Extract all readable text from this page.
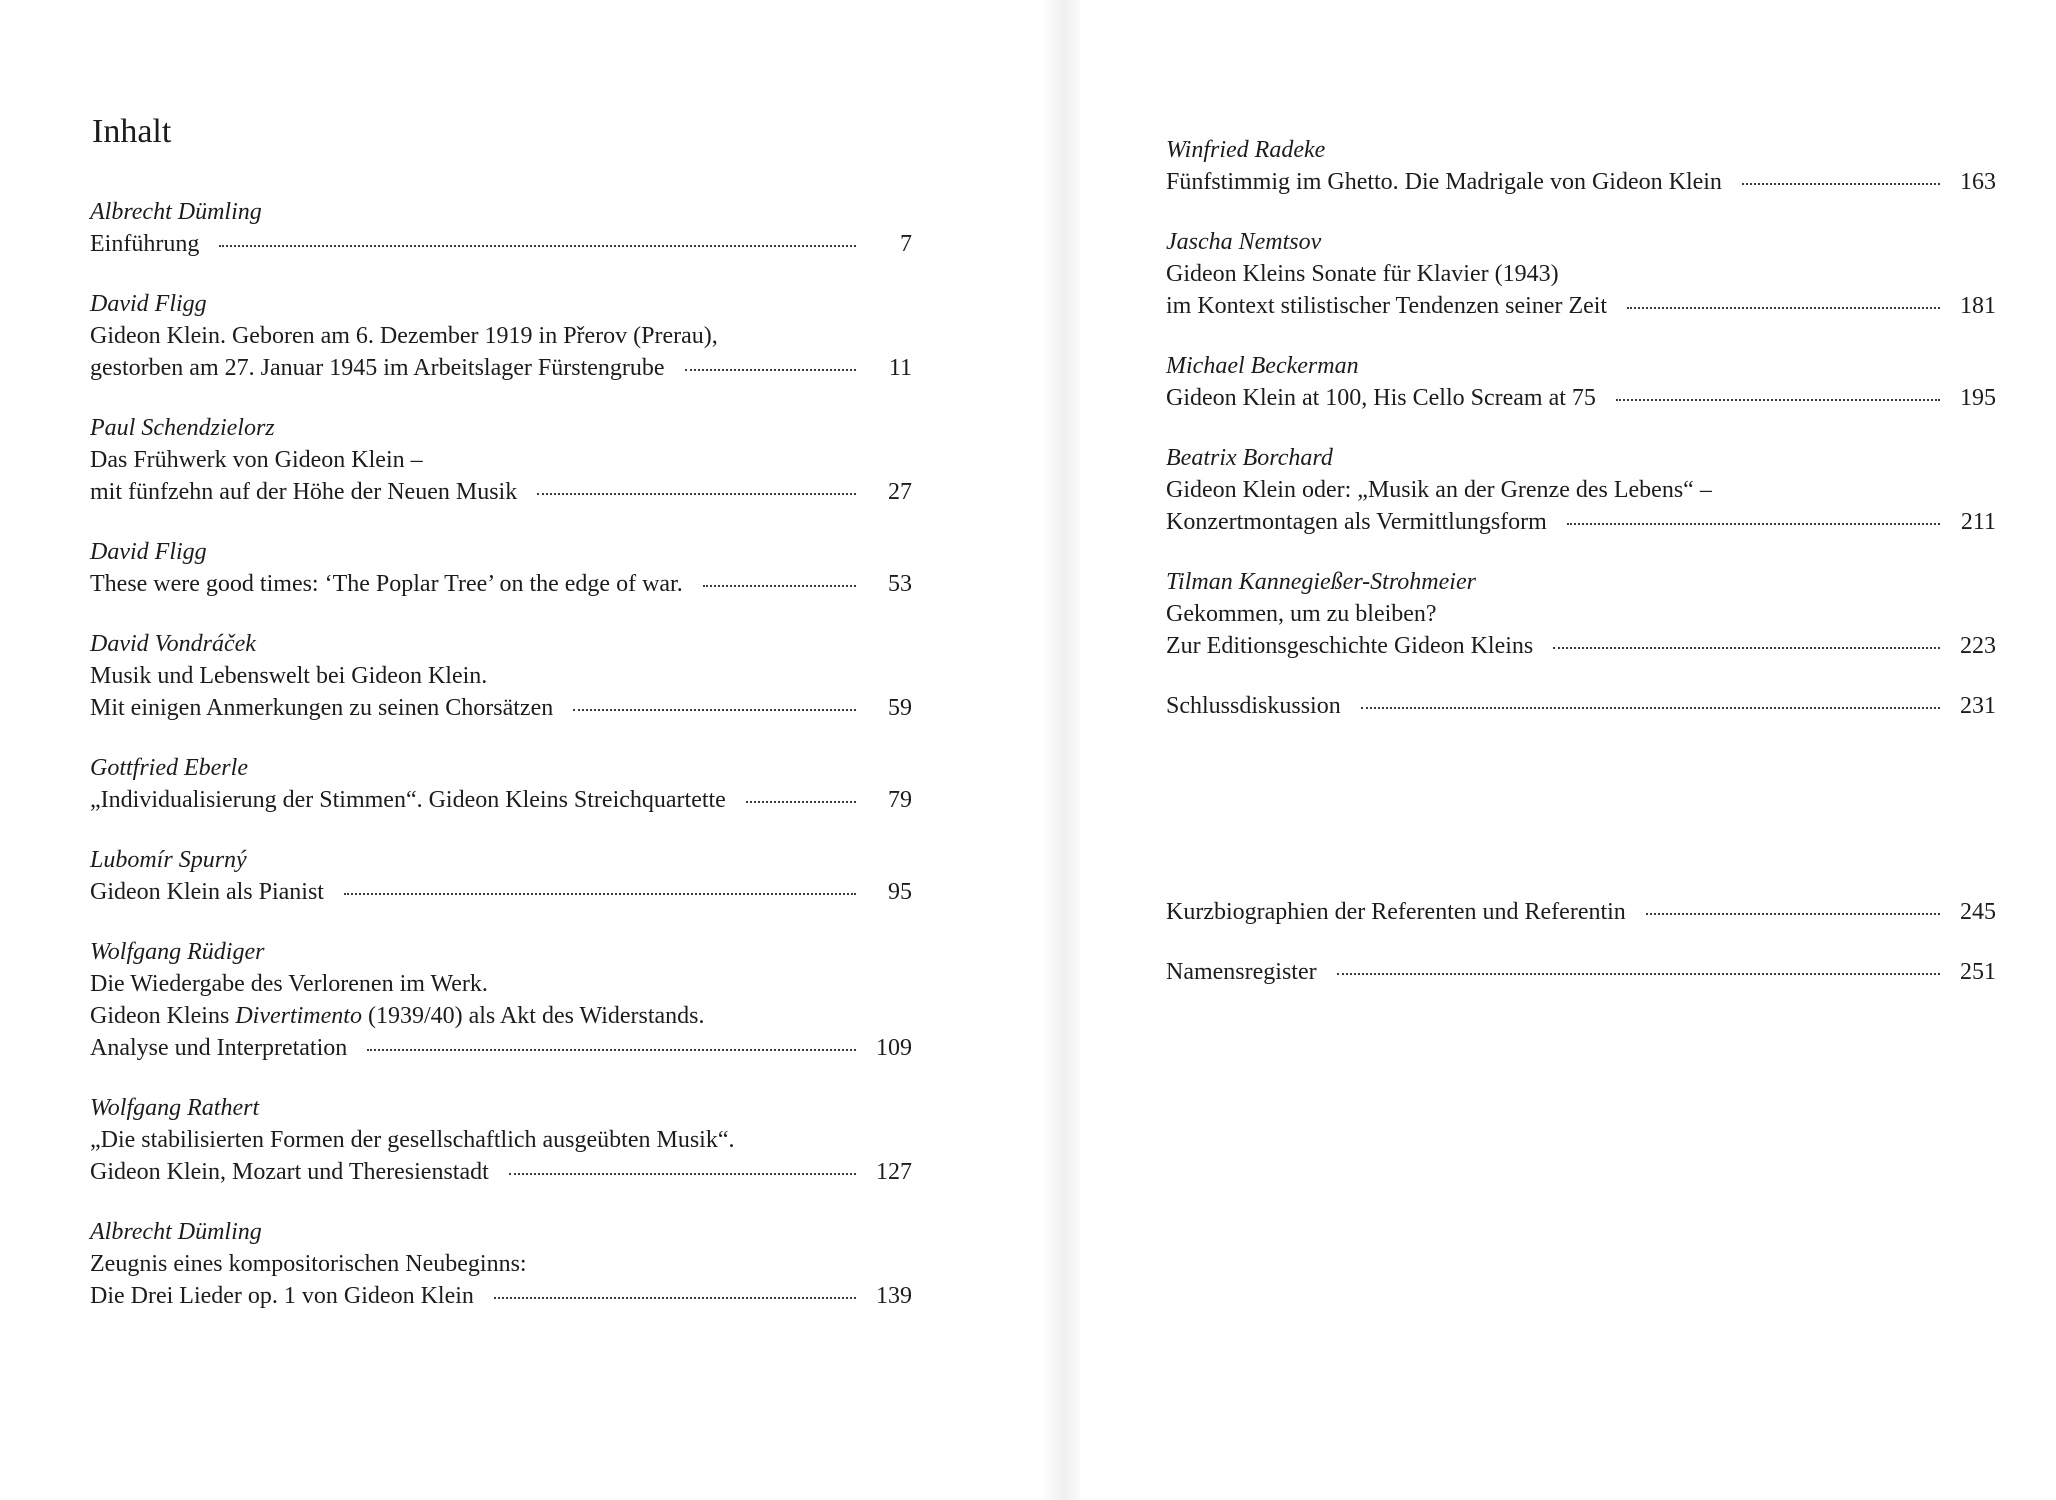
Inhalt
Albrecht Dümling
Einführung	7
David Fligg
Gideon Klein. Geboren am 6. Dezember 1919 in Přerov (Prerau),
gestorben am 27. Januar 1945 im Arbeitslager Fürstengrube	11
Paul Schendzielorz
Das Frühwerk von Gideon Klein –
mit fünfzehn auf der Höhe der Neuen Musik	27
David Fligg
These were good times: ‘The Poplar Tree’ on the edge of war.	53
David Vondráček
Musik und Lebenswelt bei Gideon Klein.
Mit einigen Anmerkungen zu seinen Chorsätzen	59
Gottfried Eberle
„Individualisierung der Stimmen“. Gideon Kleins Streichquartette	79
Lubomír Spurný
Gideon Klein als Pianist	95
Wolfgang Rüdiger
Die Wiedergabe des Verlorenen im Werk.
Gideon Kleins Divertimento (1939/40) als Akt des Widerstands.
Analyse und Interpretation	109
Wolfgang Rathert
„Die stabilisierten Formen der gesellschaftlich ausgeübten Musik“.
Gideon Klein, Mozart und Theresienstadt	127
Albrecht Dümling
Zeugnis eines kompositorischen Neubeginns:
Die Drei Lieder op. 1 von Gideon Klein	139
Winfried Radeke
Fünfstimmig im Ghetto. Die Madrigale von Gideon Klein	163
Jascha Nemtsov
Gideon Kleins Sonate für Klavier (1943)
im Kontext stilistischer Tendenzen seiner Zeit	181
Michael Beckerman
Gideon Klein at 100, His Cello Scream at 75	195
Beatrix Borchard
Gideon Klein oder: „Musik an der Grenze des Lebens“ –
Konzertmontagen als Vermittlungsform	211
Tilman Kannegießer-Strohmeier
Gekommen, um zu bleiben?
Zur Editionsgeschichte Gideon Kleins	223
Schlussdiskussion	231
Kurzbiographien der Referenten und Referentin	245
Namensregister	251
